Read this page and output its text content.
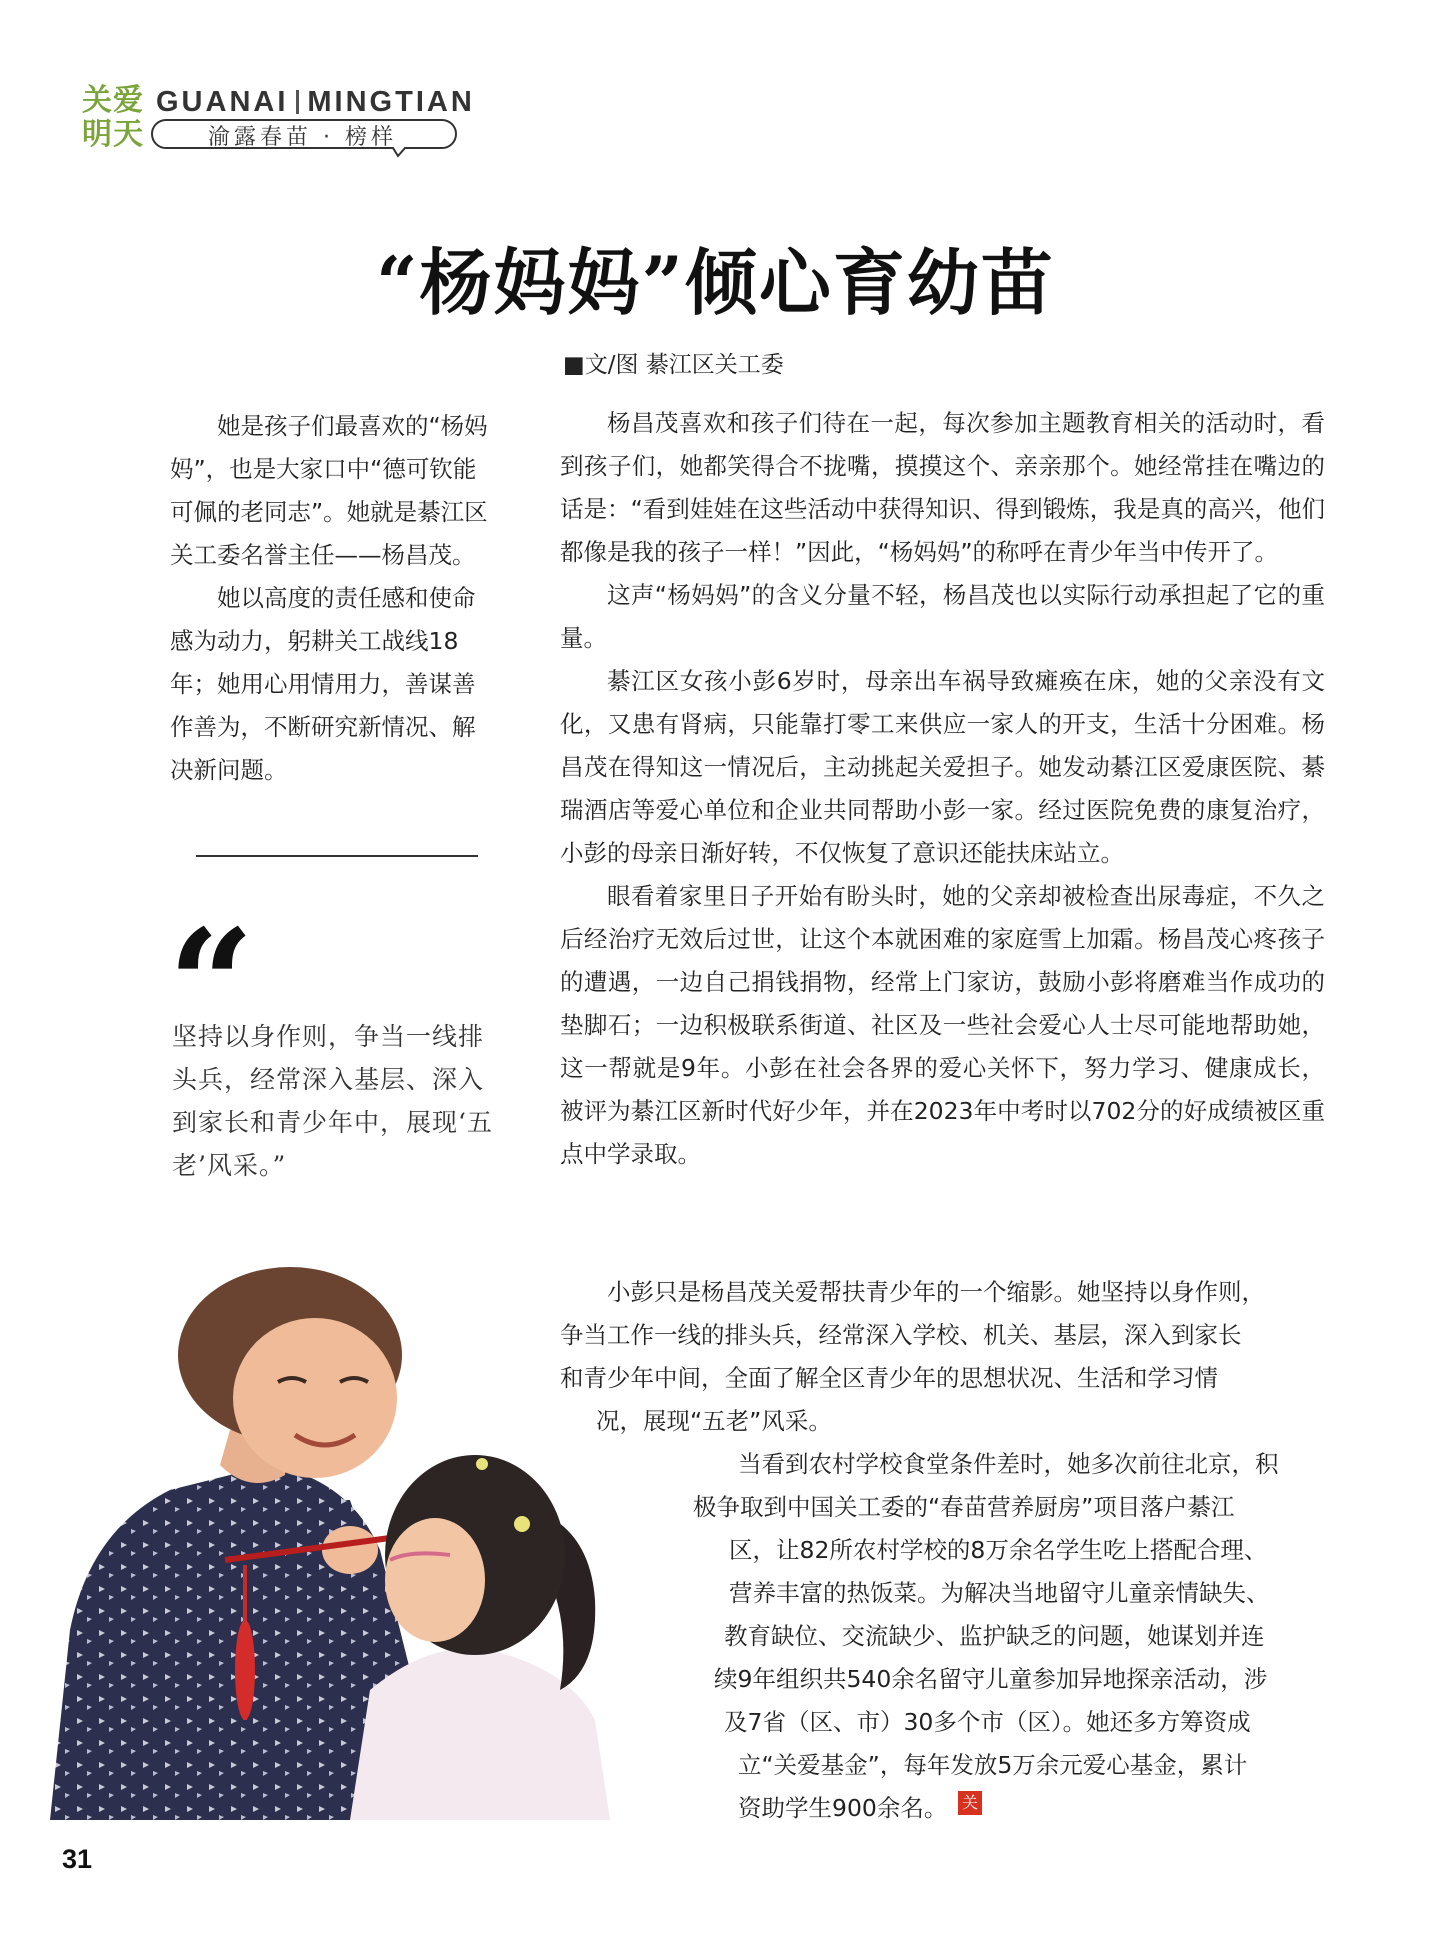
关 爱
明 天
GUANAI MINGTIAN
渝露春苗 · 榜样
“杨妈妈”倾心育幼苗
■文/图 綦江区关工委

她是孩子们最喜欢的“杨妈妈”，也是大家口中“德可钦能可佩的老同志”。她就是綦江区关工委名誉主任——杨昌茂。

她以高度的责任感和使命感为动力，躬耕关工战线18年；她用心用情用力，善谋善作善为，不断研究新情况、解决新问题。

“
坚持以身作则，争当一线排头兵，经常深入基层、深入到家长和青少年中，展现‘五老’风采。”

杨昌茂喜欢和孩子们待在一起，每次参加主题教育相关的活动时，看到孩子们，她都笑得合不拢嘴，摸摸这个、亲亲那个。她经常挂在嘴边的话是：“看到娃娃在这些活动中获得知识、得到锻炼，我是真的高兴，他们都像是我的孩子一样！”因此，“杨妈妈”的称呼在青少年当中传开了。

这声“杨妈妈”的含义分量不轻，杨昌茂也以实际行动承担起了它的重量。

綦江区女孩小彭6岁时，母亲出车祸导致瘫痪在床，她的父亲没有文化，又患有肾病，只能靠打零工来供应一家人的开支，生活十分困难。杨昌茂在得知这一情况后，主动挑起关爱担子。她发动綦江区爱康医院、綦瑞酒店等爱心单位和企业共同帮助小彭一家。经过医院免费的康复治疗，小彭的母亲日渐好转，不仅恢复了意识还能扶床站立。

眼看着家里日子开始有盼头时，她的父亲却被检查出尿毒症，不久之后经治疗无效后过世，让这个本就困难的家庭雪上加霜。杨昌茂心疼孩子的遭遇，一边自己捐钱捐物，经常上门家访，鼓励小彭将磨难当作成功的垫脚石；一边积极联系街道、社区及一些社会爱心人士尽可能地帮助她，这一帮就是9年。小彭在社会各界的爱心关怀下，努力学习、健康成长，被评为綦江区新时代好少年，并在2023年中考时以702分的好成绩被区重点中学录取。

小彭只是杨昌茂关爱帮扶青少年的一个缩影。她坚持以身作则，
争当工作一线的排头兵，经常深入学校、机关、基层，深入到家长
和青少年中间，全面了解全区青少年的思想状况、生活和学习情
况，展现“五老”风采。
当看到农村学校食堂条件差时，她多次前往北京，积
极争取到中国关工委的“春苗营养厨房”项目落户綦江
区，让82所农村学校的8万余名学生吃上搭配合理、
营养丰富的热饭菜。为解决当地留守儿童亲情缺失、
教育缺位、交流缺少、监护缺乏的问题，她谋划并连
续9年组织共540余名留守儿童参加异地探亲活动，涉
及7省（区、市）30多个市（区）。她还多方筹资成
立“关爱基金”，每年发放5万余元爱心基金，累计
资助学生900余名。 关
31
